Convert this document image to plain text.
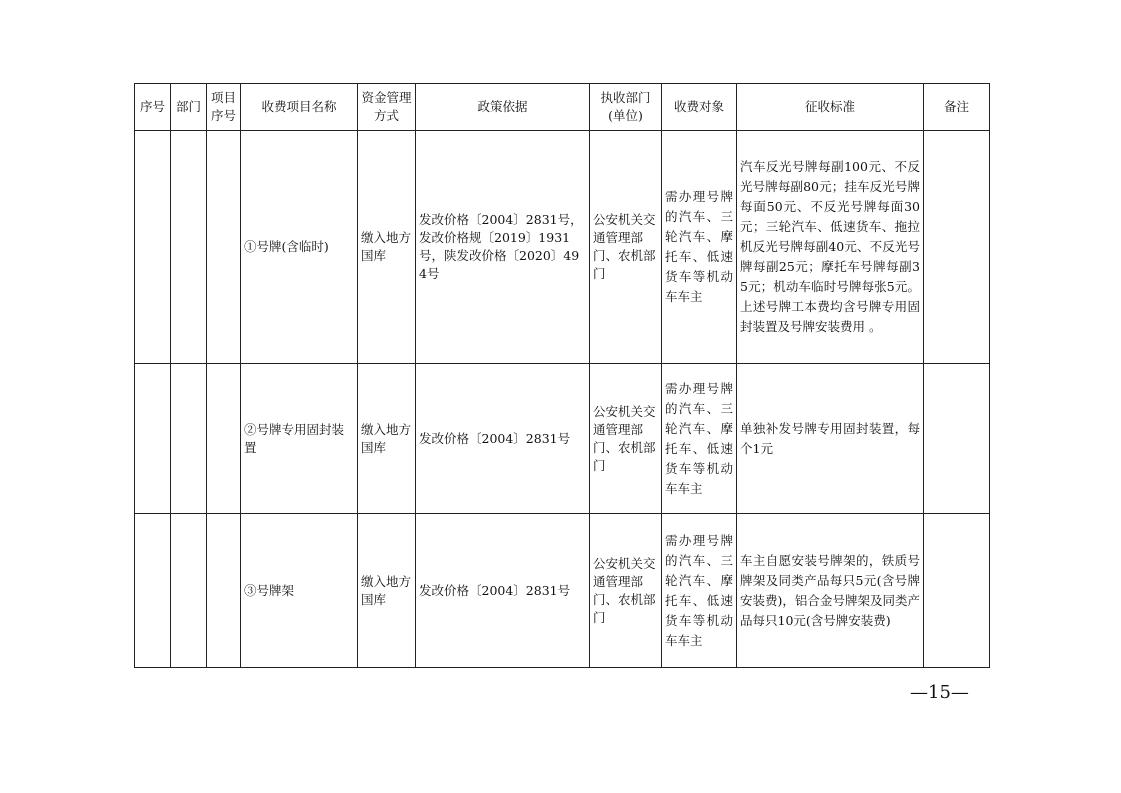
序号	部门	项目序号	收费项目名称	资金管理方式	政策依据	执收部门(单位)	收费对象	征收标准	备注
			①号牌(含临时)	缴入地方国库	发改价格〔2004〕2831号，发改价格规〔2019〕1931号，陕发改价格〔2020〕494号	公安机关交通管理部门、农机部门	需办理号牌的汽车、三轮汽车、摩托车、低速货车等机动车车主	汽车反光号牌每副100元、不反光号牌每副80元；挂车反光号牌每面50元、不反光号牌每面30元；三轮汽车、低速货车、拖拉机反光号牌每副40元、不反光号牌每副25元；摩托车号牌每副35元；机动车临时号牌每张5元。上述号牌工本费均含号牌专用固封装置及号牌安装费用 。	
			②号牌专用固封装置	缴入地方国库	发改价格〔2004〕2831号	公安机关交通管理部门、农机部门	需办理号牌的汽车、三轮汽车、摩托车、低速货车等机动车车主	单独补发号牌专用固封装置，每个1元	
			③号牌架	缴入地方国库	发改价格〔2004〕2831号	公安机关交通管理部门、农机部门	需办理号牌的汽车、三轮汽车、摩托车、低速货车等机动车车主	车主自愿安装号牌架的，铁质号牌架及同类产品每只5元(含号牌安装费)，铝合金号牌架及同类产品每只10元(含号牌安装费)	
—15—
